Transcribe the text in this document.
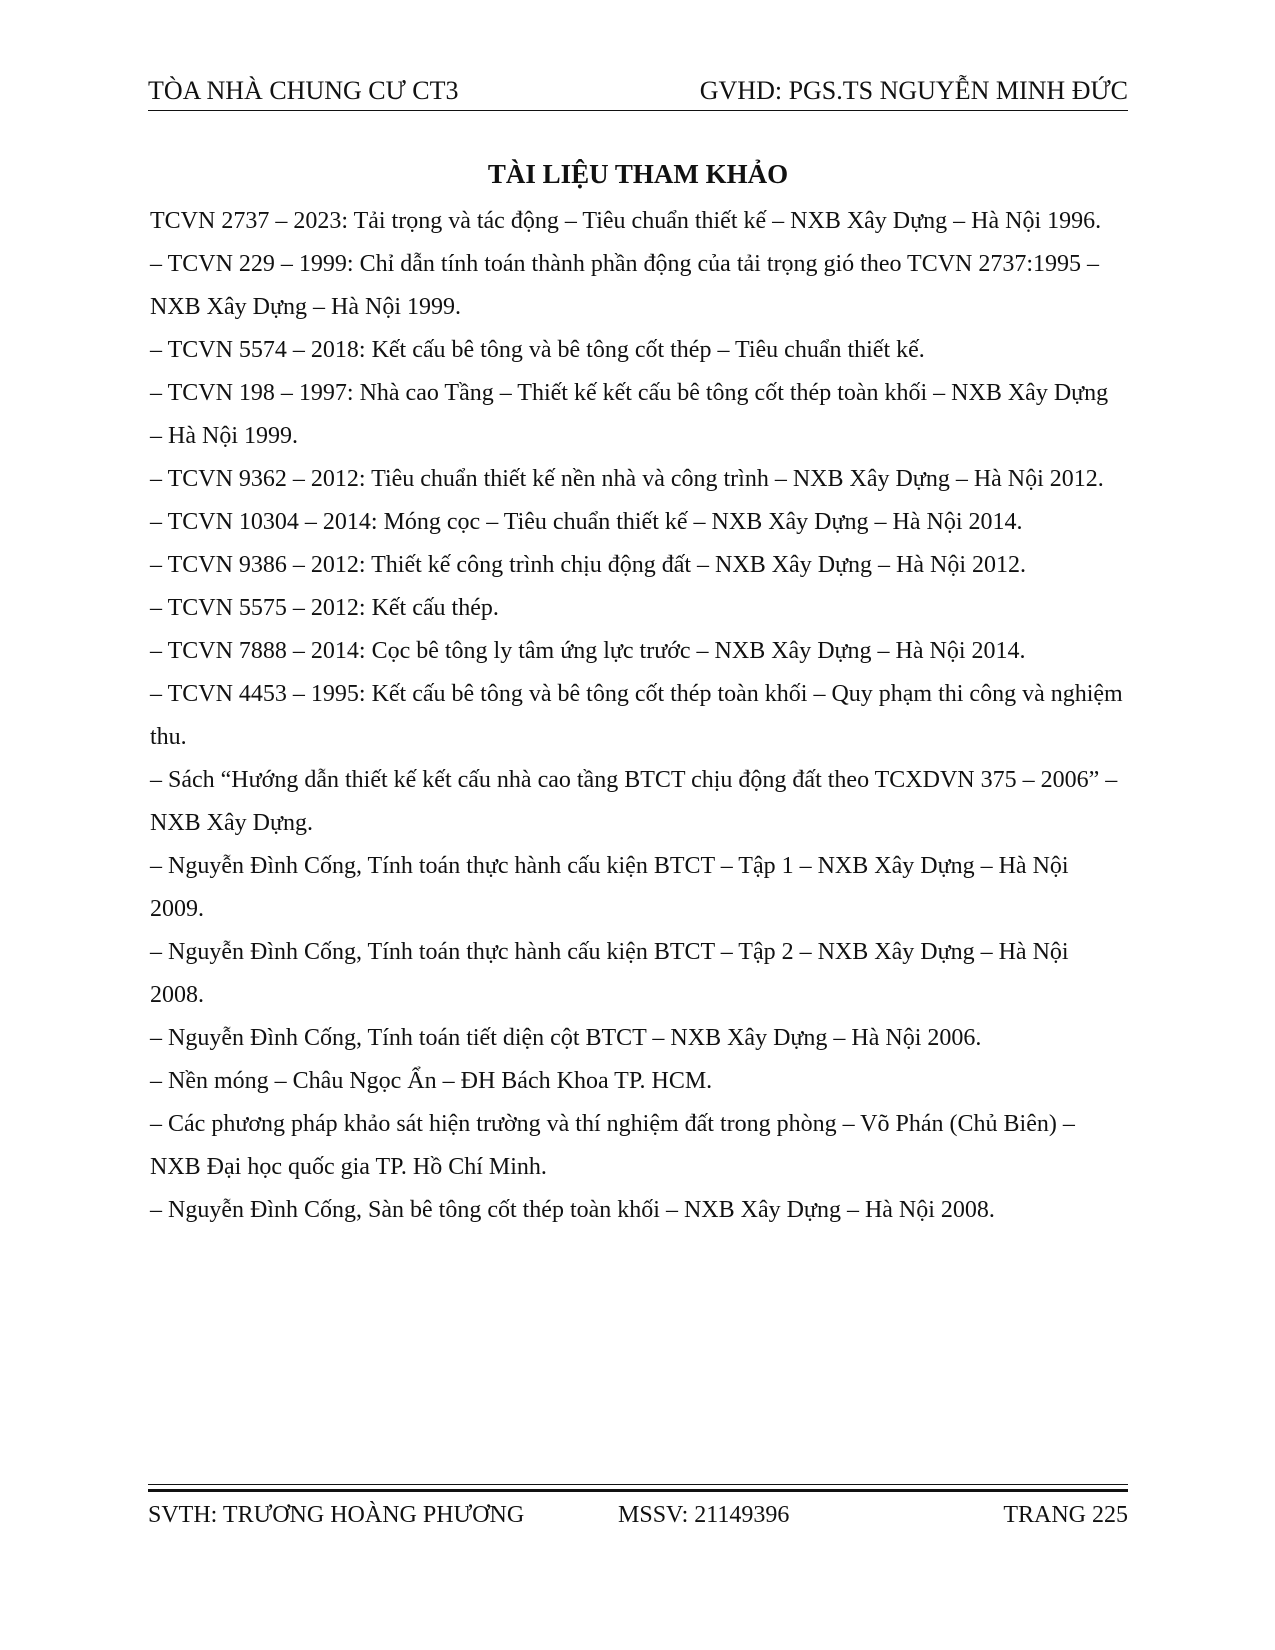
TÒA NHÀ CHUNG CƯ CT3	GVHD: PGS.TS NGUYỄN MINH ĐỨC
TÀI LIỆU THAM KHẢO
TCVN 2737 – 2023: Tải trọng và tác động – Tiêu chuẩn thiết kế – NXB Xây Dựng – Hà Nội 1996.
– TCVN 229 – 1999: Chỉ dẫn tính toán thành phần động của tải trọng gió theo TCVN 2737:1995 – NXB Xây Dựng – Hà Nội 1999.
– TCVN 5574 – 2018: Kết cấu bê tông và bê tông cốt thép – Tiêu chuẩn thiết kế.
– TCVN 198 – 1997: Nhà cao Tầng – Thiết kế kết cấu bê tông cốt thép toàn khối – NXB Xây Dựng – Hà Nội 1999.
– TCVN 9362 – 2012: Tiêu chuẩn thiết kế nền nhà và công trình – NXB Xây Dựng – Hà Nội 2012.
– TCVN 10304 – 2014: Móng cọc – Tiêu chuẩn thiết kế – NXB Xây Dựng – Hà Nội 2014.
– TCVN 9386 – 2012: Thiết kế công trình chịu động đất – NXB Xây Dựng – Hà Nội 2012.
– TCVN 5575 – 2012: Kết cấu thép.
– TCVN 7888 – 2014: Cọc bê tông ly tâm ứng lực trước – NXB Xây Dựng – Hà Nội 2014.
– TCVN 4453 – 1995: Kết cấu bê tông và bê tông cốt thép toàn khối – Quy phạm thi công và nghiệm thu.
– Sách “Hướng dẫn thiết kế kết cấu nhà cao tầng BTCT chịu động đất theo TCXDVN 375 – 2006” – NXB Xây Dựng.
– Nguyễn Đình Cống, Tính toán thực hành cấu kiện BTCT – Tập 1 – NXB Xây Dựng – Hà Nội 2009.
– Nguyễn Đình Cống, Tính toán thực hành cấu kiện BTCT – Tập 2 – NXB Xây Dựng – Hà Nội 2008.
– Nguyễn Đình Cống, Tính toán tiết diện cột BTCT – NXB Xây Dựng – Hà Nội 2006.
– Nền móng – Châu Ngọc Ẩn – ĐH Bách Khoa TP. HCM.
– Các phương pháp khảo sát hiện trường và thí nghiệm đất trong phòng – Võ Phán (Chủ Biên) – NXB Đại học quốc gia TP. Hồ Chí Minh.
– Nguyễn Đình Cống, Sàn bê tông cốt thép toàn khối – NXB Xây Dựng – Hà Nội 2008.
SVTH: TRƯƠNG HOÀNG PHƯƠNG	MSSV: 21149396	TRANG 225
